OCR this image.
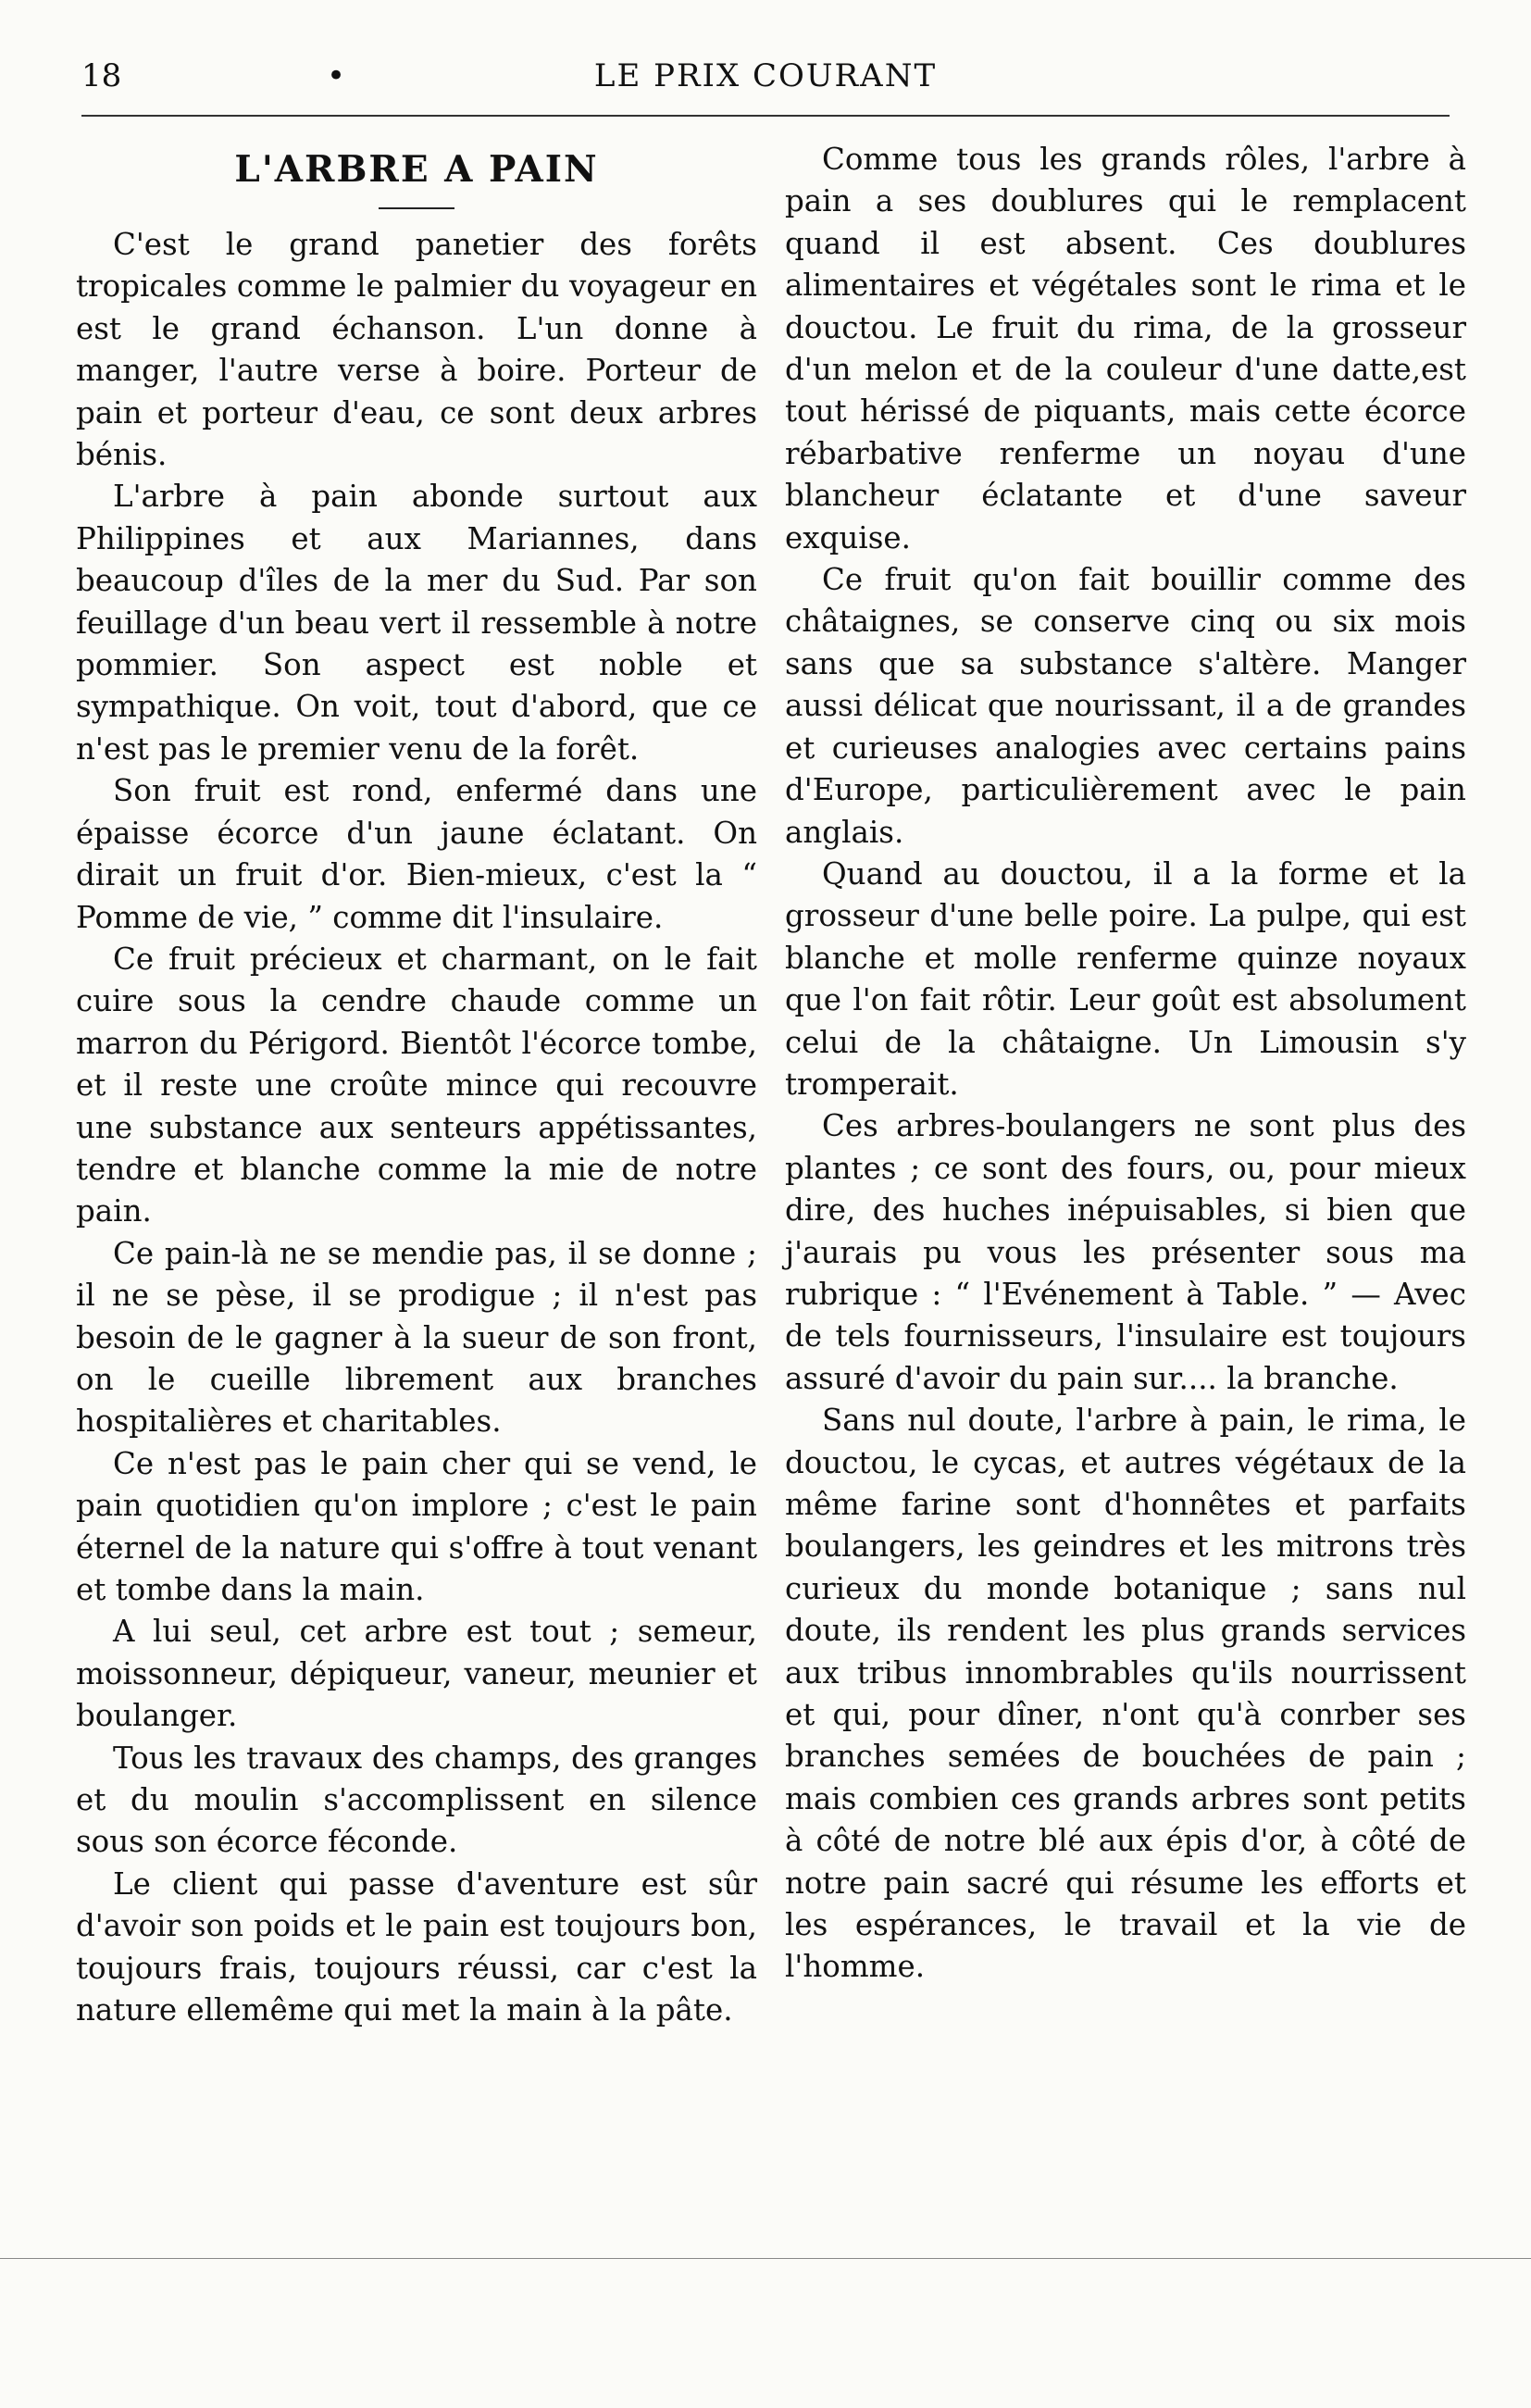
18	•	LE PRIX COURANT
L'ARBRE A PAIN

C'est le grand panetier des forêts tropicales comme le palmier du voyageur en est le grand échanson. L'un donne à manger, l'autre verse à boire. Porteur de pain et porteur d'eau, ce sont deux arbres bénis.

L'arbre à pain abonde surtout aux Philippines et aux Mariannes, dans beaucoup d'îles de la mer du Sud. Par son feuillage d'un beau vert il ressemble à notre pommier. Son aspect est noble et sympathique. On voit, tout d'abord, que ce n'est pas le premier venu de la forêt.

Son fruit est rond, enfermé dans une épaisse écorce d'un jaune éclatant. On dirait un fruit d'or. Bien-mieux, c'est la “ Pomme de vie, ” comme dit l'insulaire.

Ce fruit précieux et charmant, on le fait cuire sous la cendre chaude comme un marron du Périgord. Bientôt l'écorce tombe, et il reste une croûte mince qui recouvre une substance aux senteurs appétissantes, tendre et blanche comme la mie de notre pain.

Ce pain-là ne se mendie pas, il se donne ; il ne se pèse, il se prodigue ; il n'est pas besoin de le gagner à la sueur de son front, on le cueille librement aux branches hospitalières et charitables.

Ce n'est pas le pain cher qui se vend, le pain quotidien qu'on implore ; c'est le pain éternel de la nature qui s'offre à tout venant et tombe dans la main.

A lui seul, cet arbre est tout ; semeur, moissonneur, dépiqueur, vaneur, meunier et boulanger.

Tous les travaux des champs, des granges et du moulin s'accomplissent en silence sous son écorce féconde.

Le client qui passe d'aventure est sûr d'avoir son poids et le pain est toujours bon, toujours frais, toujours réussi, car c'est la nature ellemême qui met la main à la pâte.

Comme tous les grands rôles, l'arbre à pain a ses doublures qui le remplacent quand il est absent. Ces doublures alimentaires et végétales sont le rima et le douctou. Le fruit du rima, de la grosseur d'un melon et de la couleur d'une datte,est tout hérissé de piquants, mais cette écorce rébarbative renferme un noyau d'une blancheur éclatante et d'une saveur exquise.

Ce fruit qu'on fait bouillir comme des châtaignes, se conserve cinq ou six mois sans que sa substance s'altère. Manger aussi délicat que nourissant, il a de grandes et curieuses analogies avec certains pains d'Europe, particulièrement avec le pain anglais.

Quand au douctou, il a la forme et la grosseur d'une belle poire. La pulpe, qui est blanche et molle renferme quinze noyaux que l'on fait rôtir. Leur goût est absolument celui de la châtaigne. Un Limousin s'y tromperait.

Ces arbres-boulangers ne sont plus des plantes ; ce sont des fours, ou, pour mieux dire, des huches inépuisables, si bien que j'aurais pu vous les présenter sous ma rubrique : “ l'Evénement à Table. ” — Avec de tels fournisseurs, l'insulaire est toujours assuré d'avoir du pain sur.... la branche.

Sans nul doute, l'arbre à pain, le rima, le douctou, le cycas, et autres végétaux de la même farine sont d'honnêtes et parfaits boulangers, les geindres et les mitrons très curieux du monde botanique ; sans nul doute, ils rendent les plus grands services aux tribus innombrables qu'ils nourrissent et qui, pour dîner, n'ont qu'à conrber ses branches semées de bouchées de pain ; mais combien ces grands arbres sont petits à côté de notre blé aux épis d'or, à côté de notre pain sacré qui résume les efforts et les espérances, le travail et la vie de l'homme.
